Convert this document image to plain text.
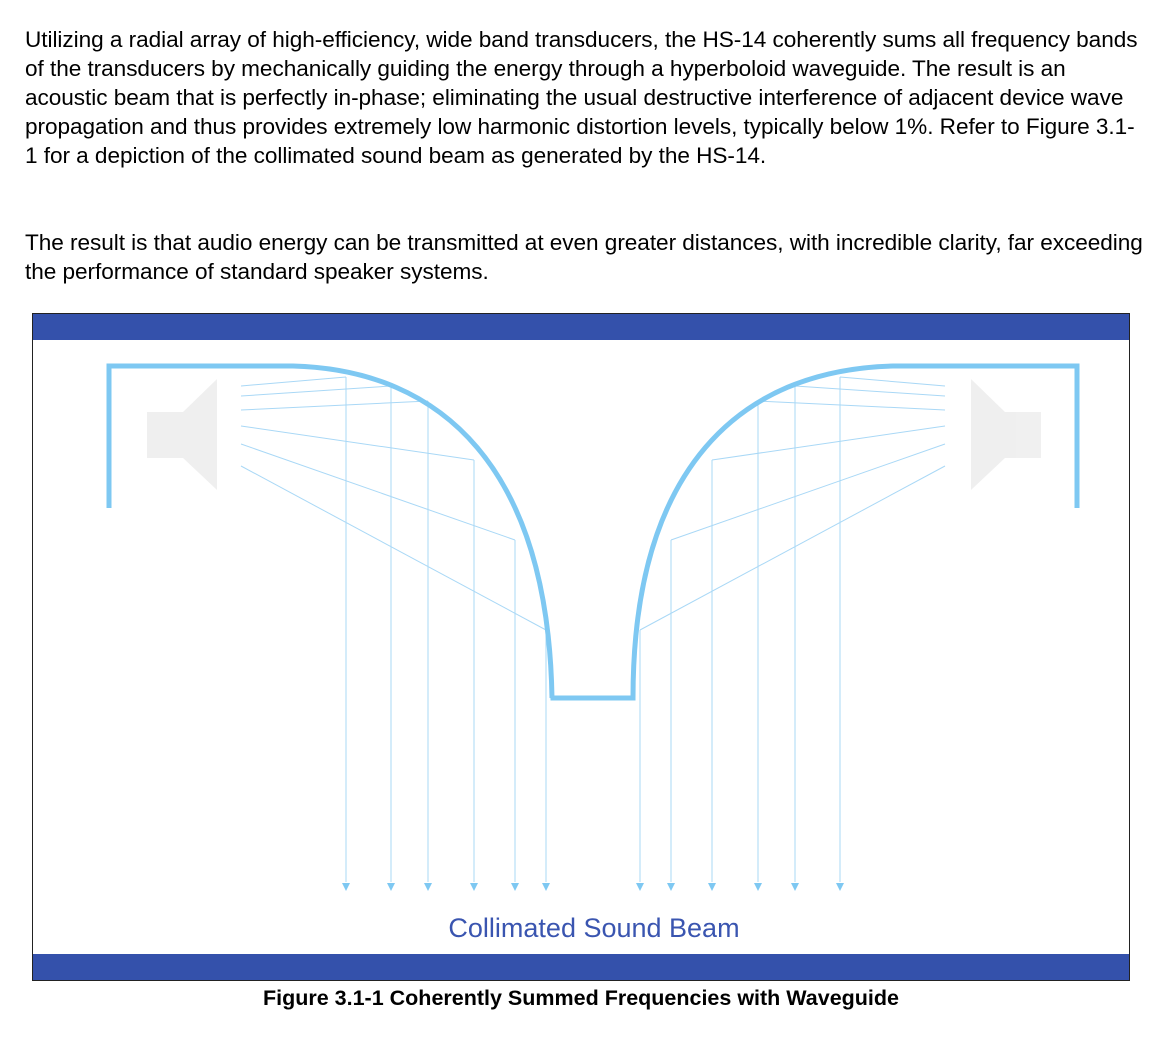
Utilizing a radial array of high-efficiency, wide band transducers, the HS-14 coherently sums all frequency bands of the transducers by mechanically guiding the energy through a hyperboloid waveguide. The result is an acoustic beam that is perfectly in-phase; eliminating the usual destructive interference of adjacent device wave propagation and thus provides extremely low harmonic distortion levels, typically below 1%. Refer to Figure 3.1-1 for a depiction of the collimated sound beam as generated by the HS-14.

The result is that audio energy can be transmitted at even greater distances, with incredible clarity, far exceeding the performance of standard speaker systems.

Collimated Sound Beam

Figure 3.1-1 Coherently Summed Frequencies with Waveguide
